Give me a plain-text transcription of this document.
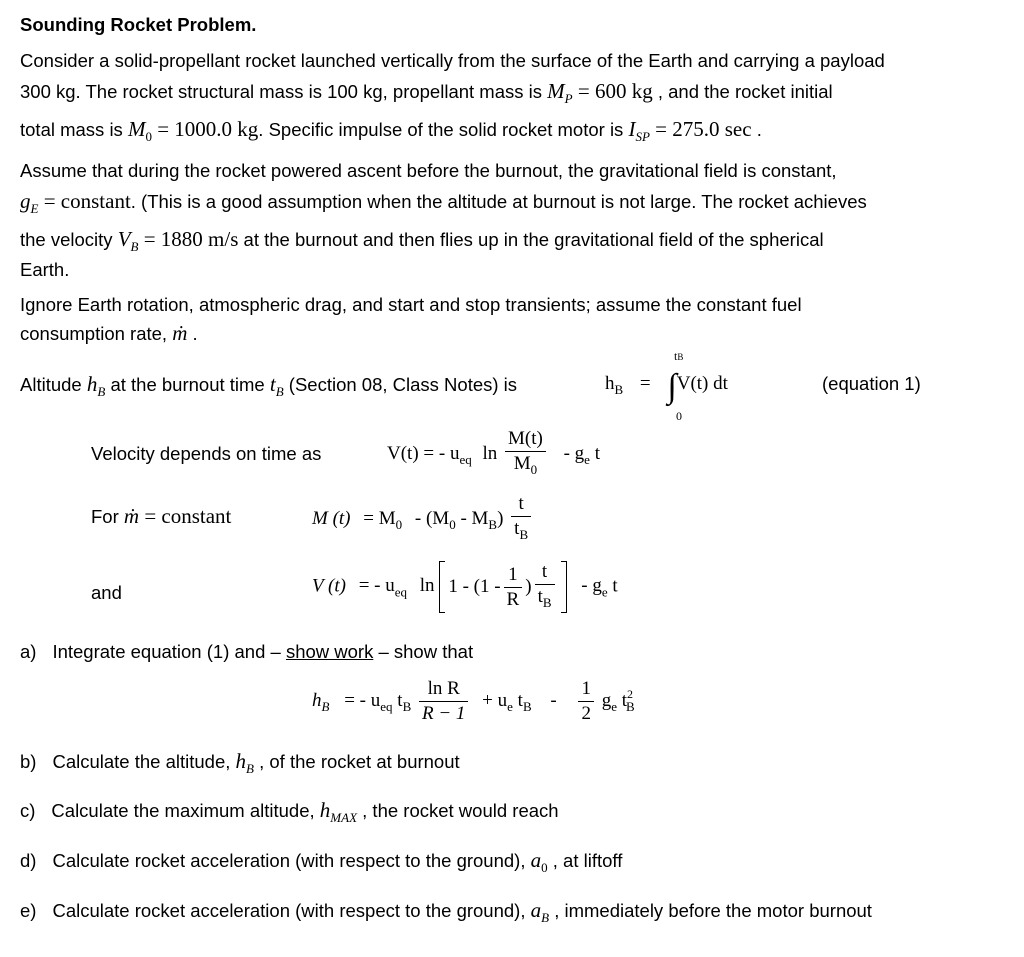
Sounding Rocket Problem.
Consider a solid-propellant rocket launched vertically from the surface of the Earth and carrying a payload
300 kg. The rocket structural mass is 100 kg, propellant mass is $M_P = 600$ kg , and the rocket initial
total mass is $M_0 = 1000.0$ kg. Specific impulse of the solid rocket motor is $I_{SP} = 275.0$ sec .
Assume that during the rocket powered ascent before the burnout, the gravitational field is constant,
$g_E$ = constant. (This is a good assumption when the altitude at burnout is not large. The rocket achieves
the velocity $V_B = 1880$ m/s at the burnout and then flies up in the gravitational field of the spherical
Earth.
Ignore Earth rotation, atmospheric drag, and start and stop transients; assume the constant fuel
consumption rate, ṁ .
Altitude $h_B$ at the burnout time $t_B$ (Section 08, Class Notes) is	$h_B = \int V(t)$ dt
tB
0
(equation 1)
Velocity depends on time as	V(t) = - $u_{eq}$ $\ln \frac{M(t)}{M_0} - g_e$ t
For ṁ = constant	M $(t) = M_0 - (M_0 - M_B) \frac{t}{t_B}$
and	V (t) = - $u_{eq}$ $\ln 1 - (1 - \frac{1}{R}$ ) $\frac{t}{t_B} - g_e$ t
a) Integrate equation (1) and – show work – show that
$h_B$ = - $u_{eq}$ $t_B \frac{\text{ln R}}{R - 1} + u_e$ $t_B - \frac{1}{2} g_e$ $t^2_B$
b) Calculate the altitude, $h_B$ , of the rocket at burnout
c) Calculate the maximum altitude, $h_{MAX}$ , the rocket would reach
d) Calculate rocket acceleration (with respect to the ground), $a_0$ , at liftoff
e) Calculate rocket acceleration (with respect to the ground), $a_B$ , immediately before the motor burnout
